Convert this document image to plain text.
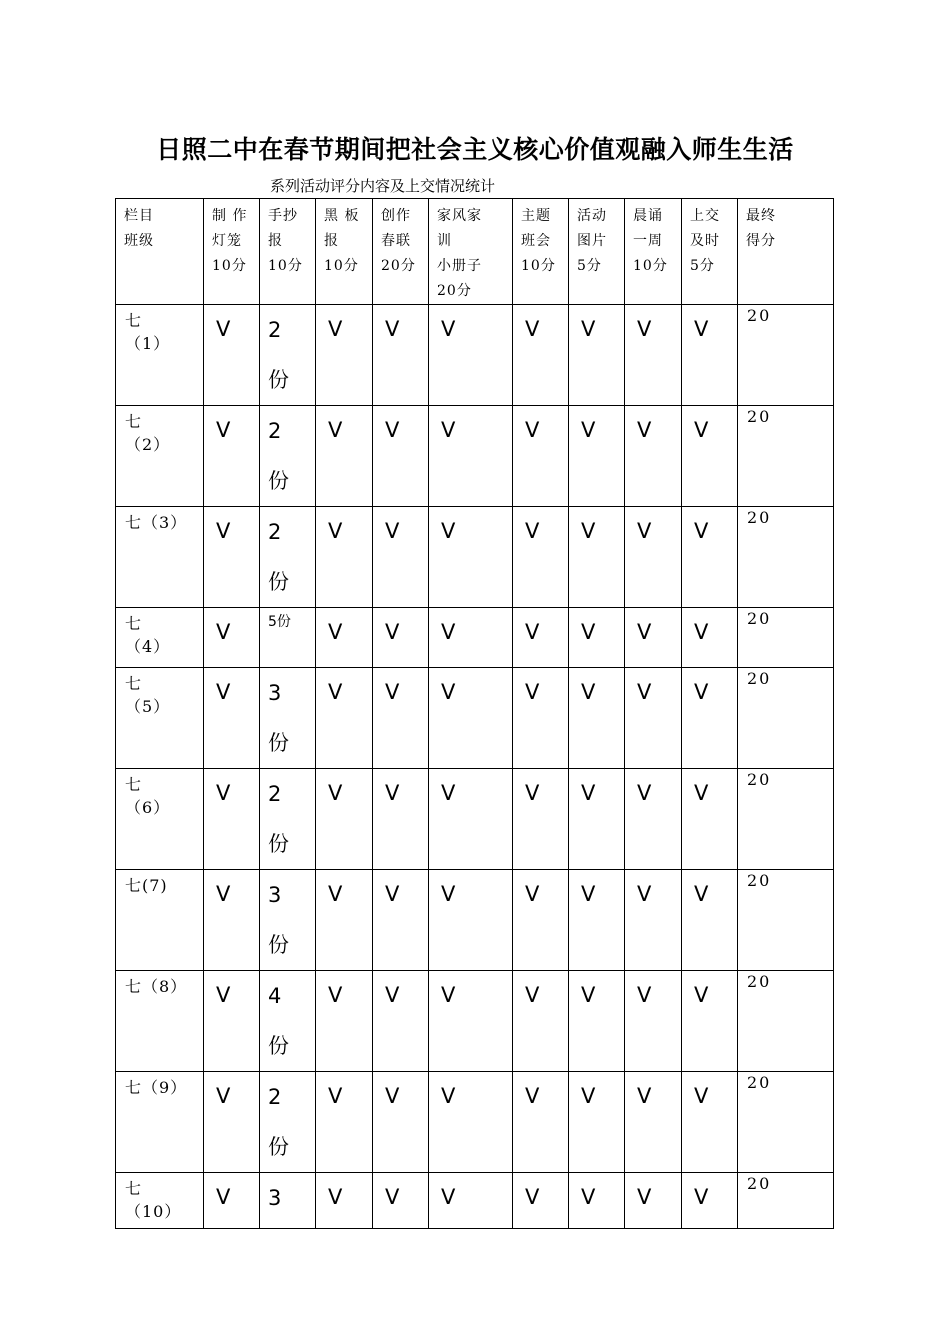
日照二中在春节期间把社会主义核心价值观融入师生生活
系列活动评分内容及上交情况统计
栏目
班级	制 作
灯笼
10分	手抄
报
10分	黑 板
报
10分	创作
春联
20分	家风家
训
小册子
20分	主题
班会
10分	活动
图片
5分	晨诵
一周
10分	上交
及时
5分	最终
得分

七
（1）	V	2
份	V	V	V	V	V	V	V	20

七
（2）	V	2
份	V	V	V	V	V	V	V	20

七（3）	V	2
份	V	V	V	V	V	V	V	20

七
（4）	V	5份	V	V	V	V	V	V	V	20

七
（5）	V	3
份	V	V	V	V	V	V	V	20

七
（6）	V	2
份	V	V	V	V	V	V	V	20

七(7)	V	3
份	V	V	V	V	V	V	V	20

七（8）	V	4
份	V	V	V	V	V	V	V	20

七（9）	V	2
份	V	V	V	V	V	V	V	20

七
（10）	V	3	V	V	V	V	V	V	V	20
